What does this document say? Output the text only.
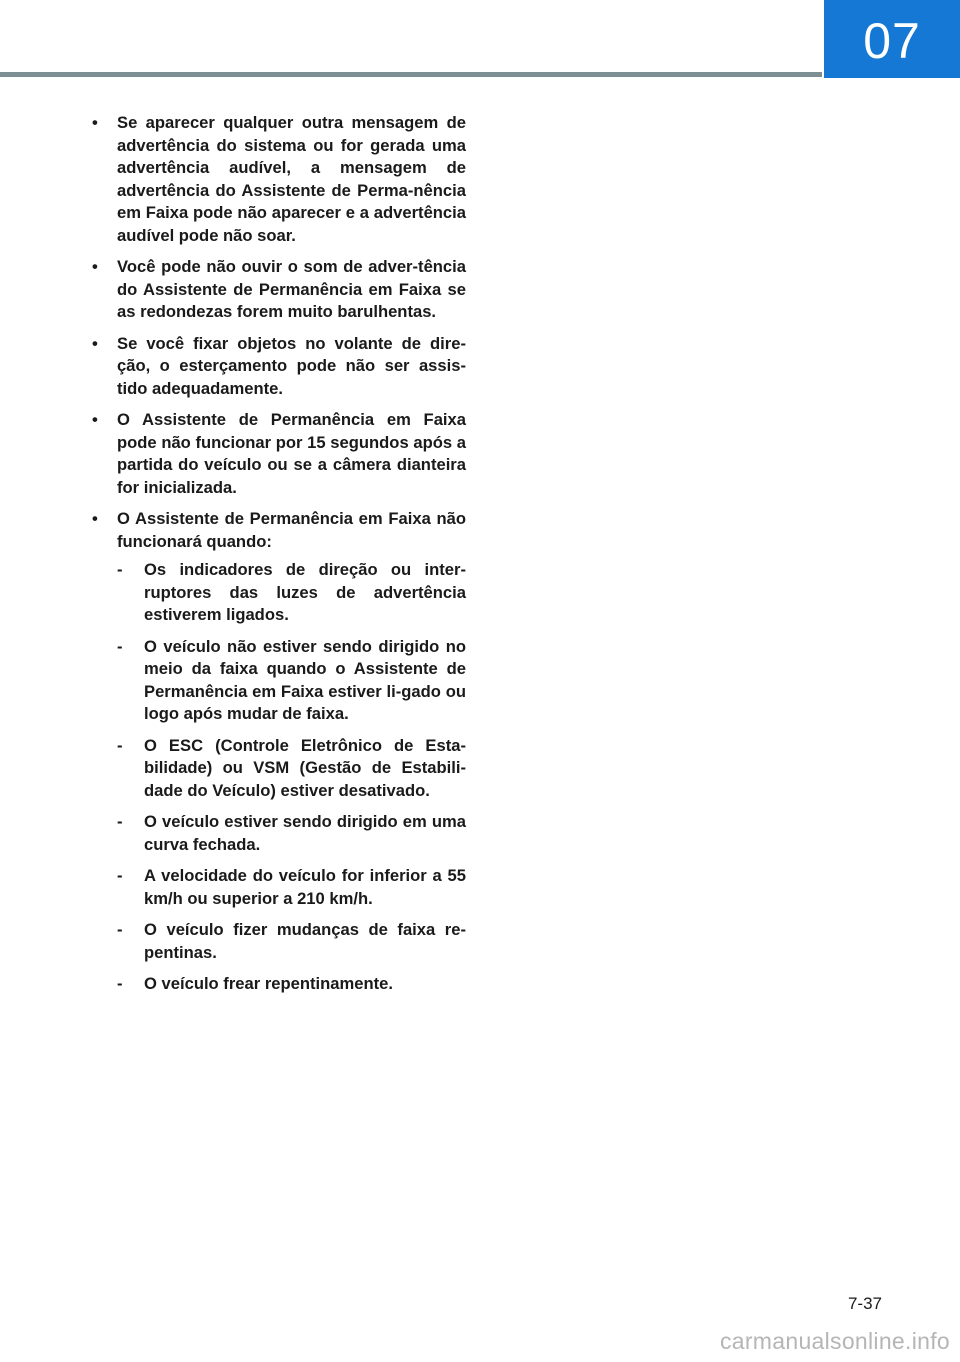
07
• Se aparecer qualquer outra mensagem de advertência do sistema ou for gerada uma advertência audível, a mensagem de advertência do Assistente de Perma-nência em Faixa pode não aparecer e a advertência audível pode não soar.
• Você pode não ouvir o som de adver-tência do Assistente de Permanência em Faixa se as redondezas forem muito barulhentas.
• Se você fixar objetos no volante de dire-ção, o esterçamento pode não ser assis-tido adequadamente.
• O Assistente de Permanência em Faixa pode não funcionar por 15 segundos após a partida do veículo ou se a câmera dianteira for inicializada.
• O Assistente de Permanência em Faixa não funcionará quando:
- Os indicadores de direção ou inter-ruptores das luzes de advertência estiverem ligados.
- O veículo não estiver sendo dirigido no meio da faixa quando o Assistente de Permanência em Faixa estiver li-gado ou logo após mudar de faixa.
- O ESC (Controle Eletrônico de Esta-bilidade) ou VSM (Gestão de Estabili-dade do Veículo) estiver desativado.
- O veículo estiver sendo dirigido em uma curva fechada.
- A velocidade do veículo for inferior a 55 km/h ou superior a 210 km/h.
- O veículo fizer mudanças de faixa re-pentinas.
- O veículo frear repentinamente.
7-37
carmanualsonline.info
